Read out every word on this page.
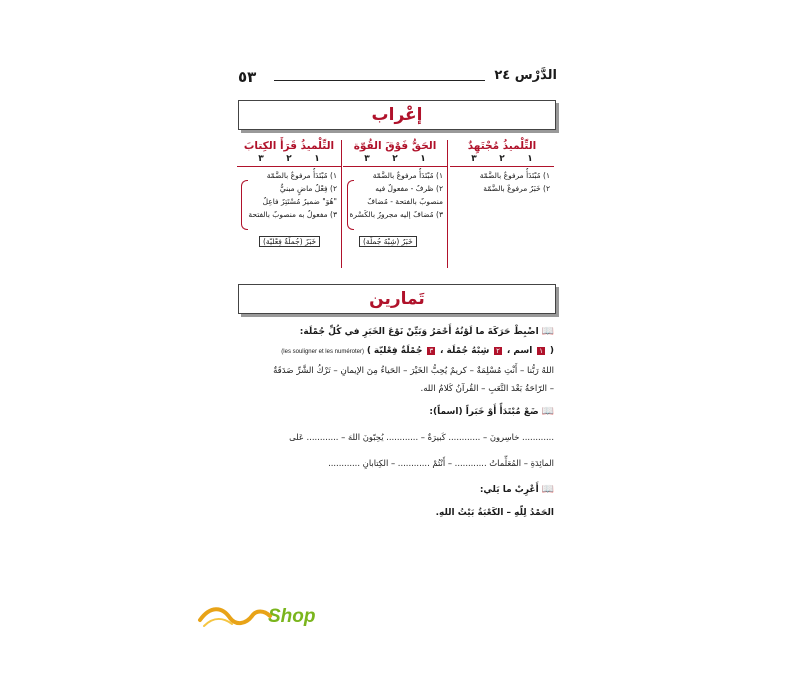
٥٣	الدَّرْس ٢٤
إعْراب
التِّلْميذُ مُجْتَهِدٌ
١
٢
٣
١) مُبْتَدَأٌ مرفوعٌ بالضَّمّة
٢) خَبَرٌ مرفوعٌ بالضَّمّة
الحَقُّ فَوْقَ القُوّة
١
٢
٣
١) مُبْتَدَأٌ مرفوعٌ بالضَّمّة
٢) ظرفٌ - مفعولٌ فيه
منصوبٌ بالفتحة - مُضافٌ
٣) مُضافٌ إليه مجرورٌ بالكَسْرة
خَبَرٌ (شِبْهُ جُملَة)
التِّلْميذُ قَرَأَ الكِتابَ
١
٢
٣
١) مُبْتَدَأٌ مرفوعٌ بالضَّمّة
٢) فِعْلٌ ماضٍ مبنيٌّ
"هُوَ" ضميرٌ مُسْتَتِرٌ فاعِلٌ
٣) مفعولٌ به منصوبٌ بالفتحة
خَبَرٌ (جُملَةٌ فِعْليّة)
تَمارين
📖 اضْبِطْ حَرَكَةَ ما لَوْنُهُ أَحْمَرُ وَبَيِّنْ نَوْعَ الخَبَرِ في كُلِّ جُمْلَة:
( ١ اسم ، ٢ شِبْهُ جُمْلَة ، ٣ جُمْلَةٌ فِعْليّة ) (les souligner et les numéroter)
اللهُ رَبُّنا – أَنْتِ مُسْلِمَةٌ – كريمٌ يُحِبُّ الخَيْرَ – الحَياءُ مِنَ الإيمانِ – تَرْكُ الشَّرِّ صَدَقَةٌ
– الرّاحَةُ بَعْدَ التَّعَبِ – القُرآنُ كَلامُ الله.
📖 ضَعْ مُبْتَدَأً أَوْ خَبَراً (اسماً):
............ خاسِرونَ – ............ كَبيرَةٌ – ............ يُحِبّونَ اللهَ – ............ عَلى
المائِدَةِ – المُعَلِّماتُ ............ – أَنْتُمْ ............ – الكِتابانِ ............
📖 أَعْرِبْ ما يَلي:
الحَمْدُ لِلّهِ – الكَعْبَةُ بَيْتُ اللهِ.
Shop
